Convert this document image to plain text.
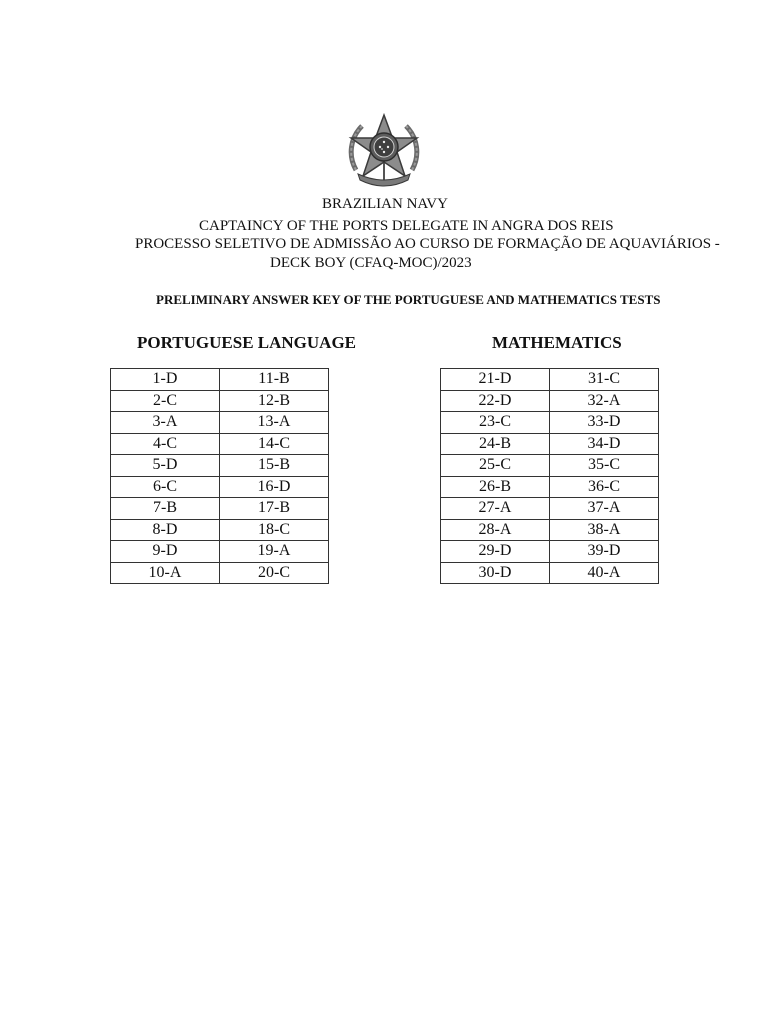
BRAZILIAN NAVY
CAPTAINCY OF THE PORTS DELEGATE IN ANGRA DOS REIS
PROCESSO SELETIVO DE ADMISSÃO AO CURSO DE FORMAÇÃO DE AQUAVIÁRIOS -
DECK BOY (CFAQ-MOC)/2023
PRELIMINARY ANSWER KEY OF THE PORTUGUESE AND MATHEMATICS TESTS
PORTUGUESE LANGUAGE	MATHEMATICS
1-D	11-B
2-C	12-B
3-A	13-A
4-C	14-C
5-D	15-B
6-C	16-D
7-B	17-B
8-D	18-C
9-D	19-A
10-A	20-C
21-D	31-C
22-D	32-A
23-C	33-D
24-B	34-D
25-C	35-C
26-B	36-C
27-A	37-A
28-A	38-A
29-D	39-D
30-D	40-A
